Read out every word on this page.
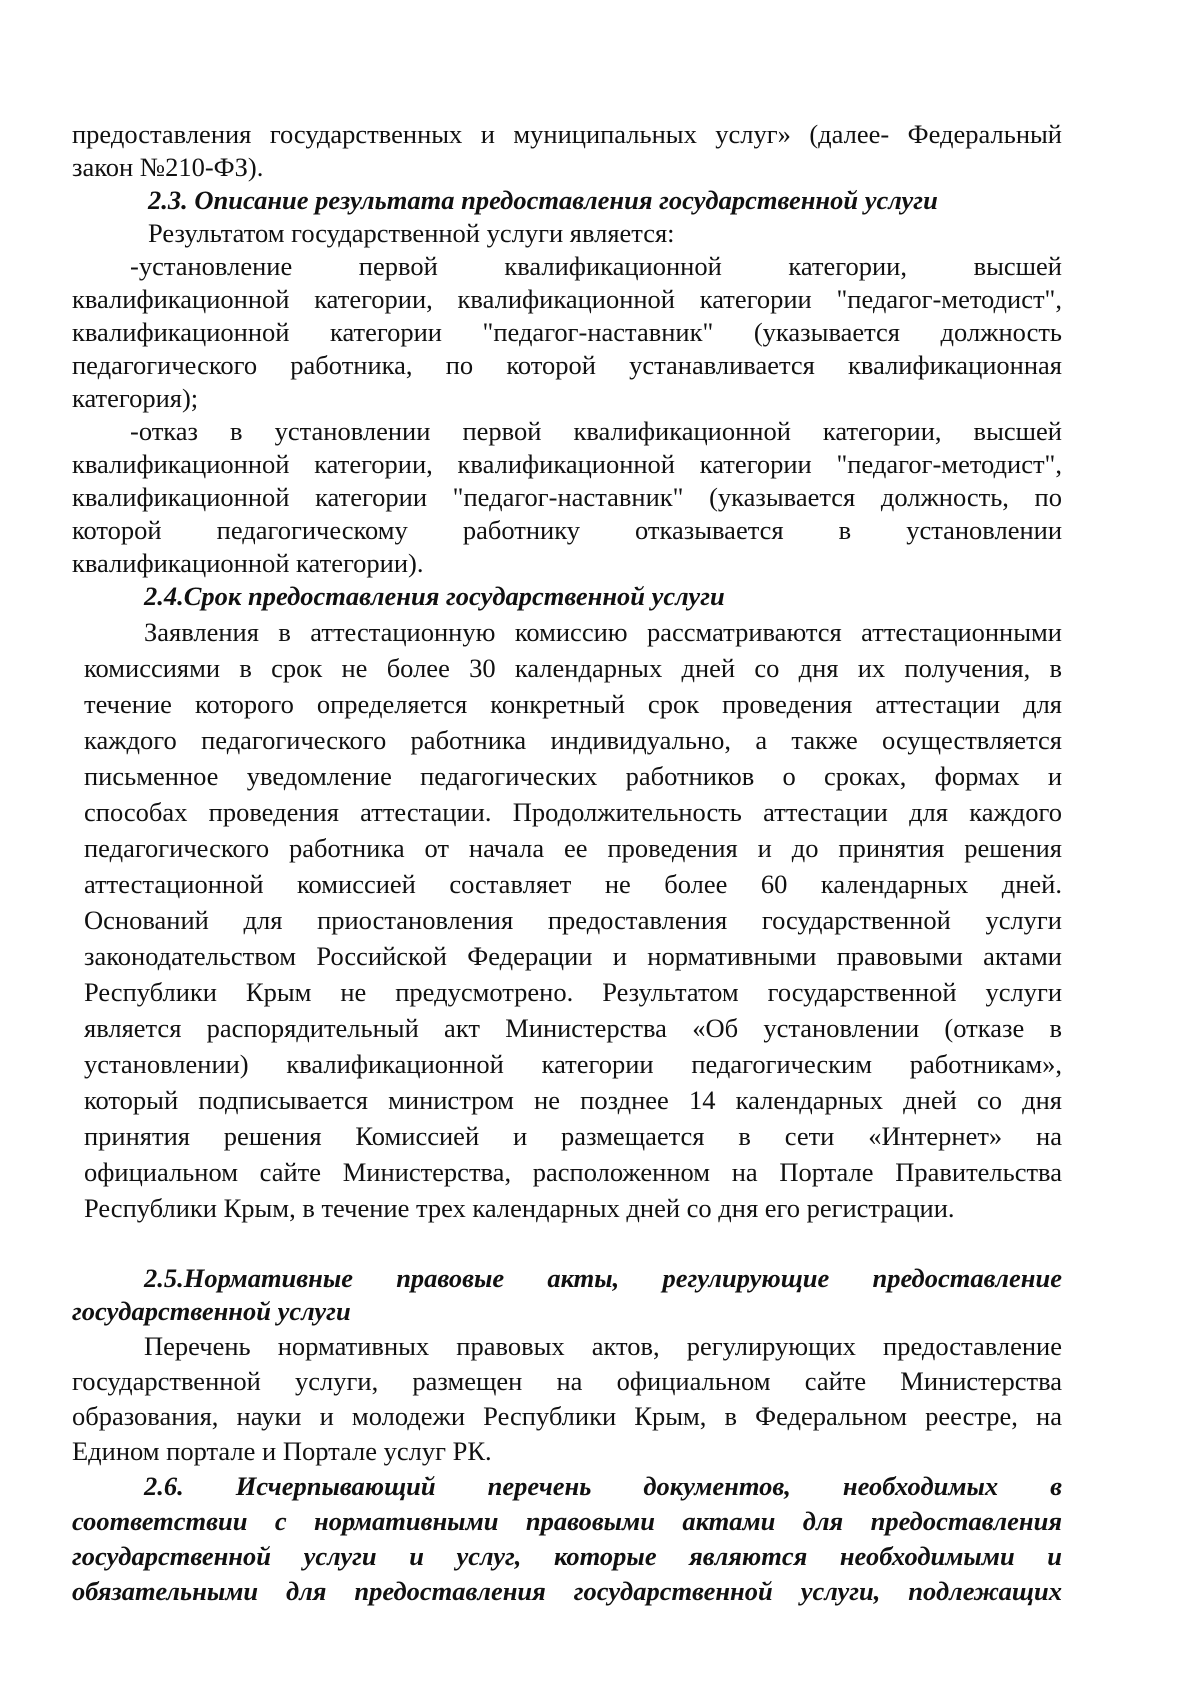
предоставления государственных и муниципальных услуг» (далее- Федеральный
закон №210-ФЗ).
2.3. Описание результата предоставления государственной услуги
Результатом государственной услуги является:
-установление первой квалификационной категории, высшей
квалификационной категории, квалификационной категории "педагог-методист",
квалификационной категории "педагог-наставник" (указывается должность
педагогического работника, по которой устанавливается квалификационная
категория);
-отказ в установлении первой квалификационной категории, высшей
квалификационной категории, квалификационной категории "педагог-методист",
квалификационной категории "педагог-наставник" (указывается должность, по
которой педагогическому работнику отказывается в установлении
квалификационной категории).
2.4.Срок предоставления государственной услуги
Заявления в аттестационную комиссию рассматриваются аттестационными
комиссиями в срок не более 30 календарных дней со дня их получения, в
течение которого определяется конкретный срок проведения аттестации для
каждого педагогического работника индивидуально, а также осуществляется
письменное уведомление педагогических работников о сроках, формах и
способах проведения аттестации. Продолжительность аттестации для каждого
педагогического работника от начала ее проведения и до принятия решения
аттестационной комиссией составляет не более 60 календарных дней.
Оснований для приостановления предоставления государственной услуги
законодательством Российской Федерации и нормативными правовыми актами
Республики Крым не предусмотрено. Результатом государственной услуги
является распорядительный акт Министерства «Об установлении (отказе в
установлении) квалификационной категории педагогическим работникам»,
который подписывается министром не позднее 14 календарных дней со дня
принятия решения Комиссией и размещается в сети «Интернет» на
официальном сайте Министерства, расположенном на Портале Правительства
Республики Крым, в течение трех календарных дней со дня его регистрации.
2.5.Нормативные правовые акты, регулирующие предоставление
государственной услуги
Перечень нормативных правовых актов, регулирующих предоставление
государственной услуги, размещен на официальном сайте Министерства
образования, науки и молодежи Республики Крым, в Федеральном реестре, на
Едином портале и Портале услуг РК.
2.6. Исчерпывающий перечень документов, необходимых в
соответствии с нормативными правовыми актами для предоставления
государственной услуги и услуг, которые являются необходимыми и
обязательными для предоставления государственной услуги, подлежащих
